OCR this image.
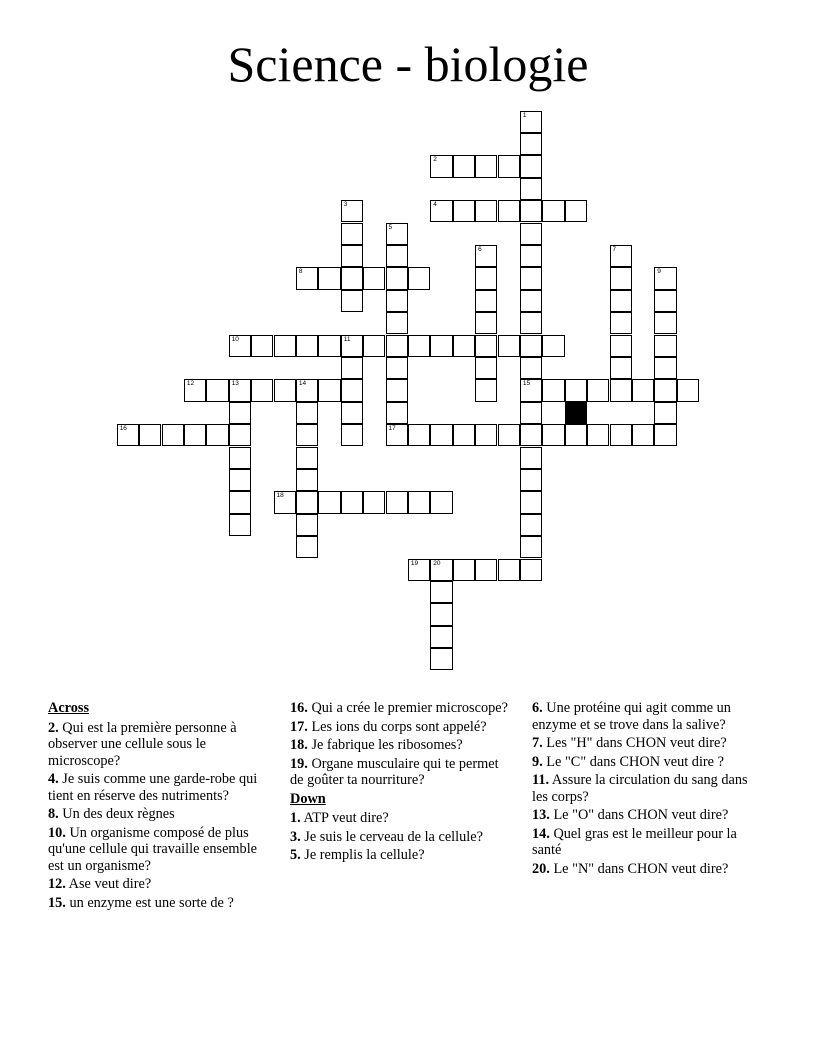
Science - biologie
1
15
2
3	4
5
6	7
8	9
10	11
12	13	14
16	17
18
19 20
Across
2. Qui est la première personne à observer une cellule sous le microscope?
4. Je suis comme une garde-robe qui tient en réserve des nutriments?
8. Un des deux règnes
10. Un organisme composé de plus qu'une cellule qui travaille ensemble est un organisme?
12. Ase veut dire?
15. un enzyme est une sorte de ?
16. Qui a crée le premier microscope?
17. Les ions du corps sont appelé?
18. Je fabrique les ribosomes?
19. Organe musculaire qui te permet de goûter ta nourriture?
Down
1. ATP veut dire?
3. Je suis le cerveau de la cellule?
5. Je remplis la cellule?
6. Une protéine qui agit comme un enzyme et se trove dans la salive?
7. Les "H" dans CHON veut dire?
9. Le "C" dans CHON veut dire ?
11. Assure la circulation du sang dans les corps?
13. Le "O" dans CHON veut dire?
14. Quel gras est le meilleur pour la santé
20. Le "N" dans CHON veut dire?
